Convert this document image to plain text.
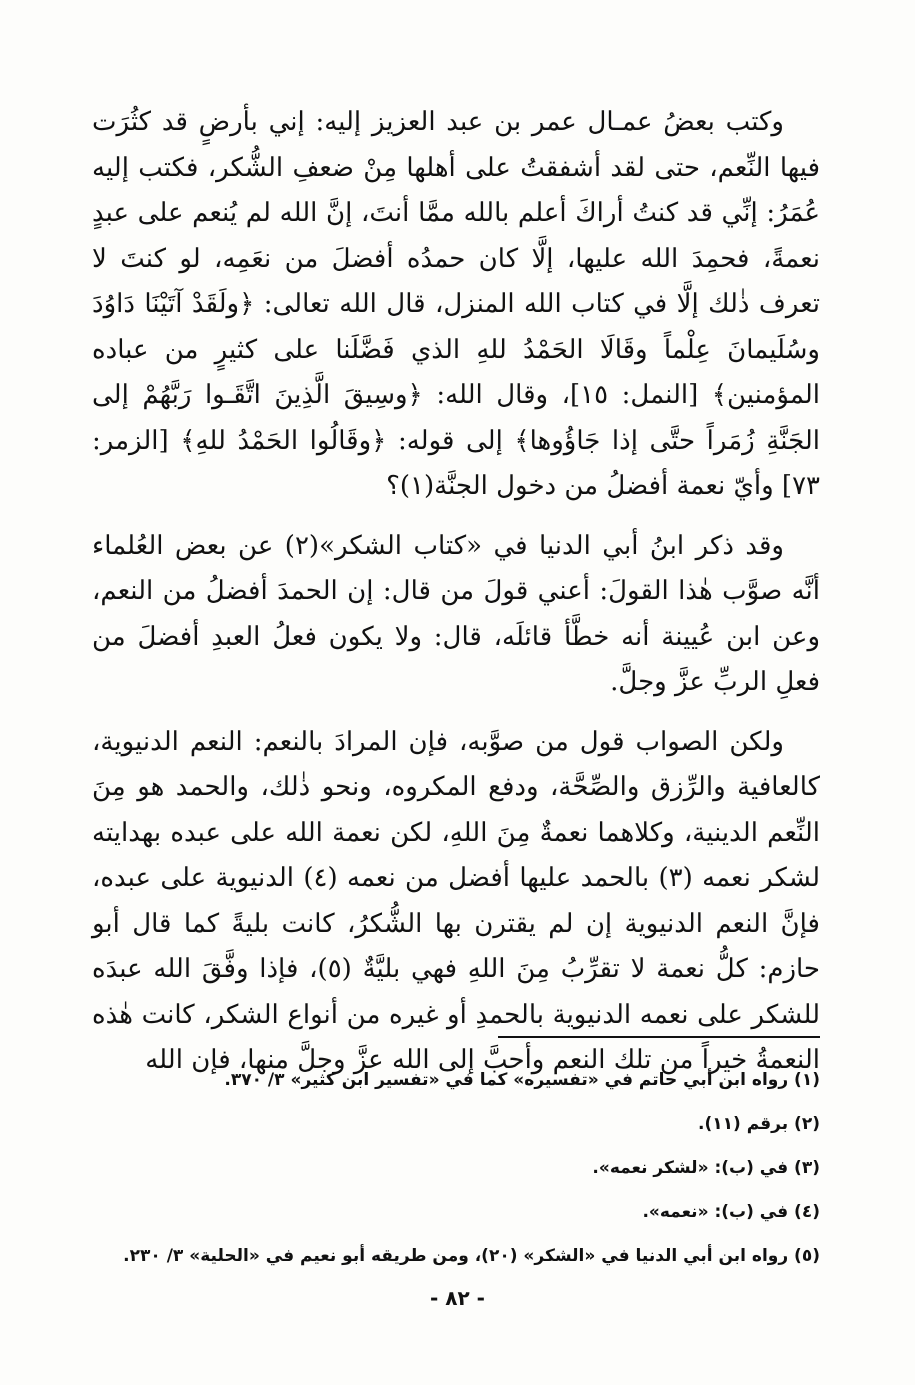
وكتب بعضُ عمـال عمر بن عبد العزيز إليه: إني بأرضٍ قد كثُرَت فيها النِّعم، حتى لقد أشفقتُ على أهلها مِنْ ضعفِ الشُّكر، فكتب إليه عُمَرُ: إنِّي قد كنتُ أراكَ أعلم بالله ممَّا أنتَ، إنَّ الله لم يُنعم على عبدٍ نعمةً، فحمِدَ الله عليها، إلَّا كان حمدُه أفضلَ من نعَمِه، لو كنتَ لا تعرف ذٰلك إلَّا في كتاب الله المنزل، قال الله تعالى: ﴿ولَقَدْ آتَيْنَا دَاوُدَ وسُلَيمانَ عِلْماً وقَالَا الحَمْدُ للهِ الذي فَضَّلَنا على كثيرٍ من عباده المؤمنين﴾ [النمل: ١٥]، وقال الله: ﴿وسِيقَ الَّذِينَ اتَّقَـوا رَبَّهُمْ إلى الجَنَّةِ زُمَراً حتَّى إذا جَاؤُوها﴾ إلى قوله: ﴿وقَالُوا الحَمْدُ للهِ﴾ [الزمر: ٧٣] وأيّ نعمة أفضلُ من دخول الجنَّة(١)؟

وقد ذكر ابنُ أبي الدنيا في «كتاب الشكر»(٢) عن بعض العُلماء أنَّه صوَّب هٰذا القولَ: أعني قولَ من قال: إن الحمدَ أفضلُ من النعم، وعن ابن عُيينة أنه خطَّأ قائلَه، قال: ولا يكون فعلُ العبدِ أفضلَ من فعلِ الربِّ عزَّ وجلَّ.

ولكن الصواب قول من صوَّبه، فإن المرادَ بالنعم: النعم الدنيوية، كالعافية والرِّزق والصِّحَّة، ودفع المكروه، ونحو ذٰلك، والحمد هو مِنَ النِّعم الدينية، وكلاهما نعمةٌ مِنَ اللهِ، لكن نعمة الله على عبده بهدايته لشكر نعمه (٣) بالحمد عليها أفضل من نعمه (٤) الدنيوية على عبده، فإنَّ النعم الدنيوية إن لم يقترن بها الشُّكرُ، كانت بليةً كما قال أبو حازم: كلُّ نعمة لا تقرِّبُ مِنَ اللهِ فهي بليَّةٌ (٥)، فإذا وفَّقَ الله عبدَه للشكر على نعمه الدنيوية بالحمدِ أو غيره من أنواع الشكر، كانت هٰذه النعمةُ خيراً من تلك النعم وأحبَّ إلى الله عزَّ وجلَّ منها، فإن الله

(١) رواه ابن أبي حاتم في «تفسيره» كما في «تفسير ابن كثير» ٣/ ٣٧٠.
(٢) برقم (١١).
(٣) في (ب): «لشكر نعمه».
(٤) في (ب): «نعمه».
(٥) رواه ابن أبي الدنيا في «الشكر» (٢٠)، ومن طريقه أبو نعيم في «الحلية» ٣/ ٢٣٠.
- ٨٢ -
